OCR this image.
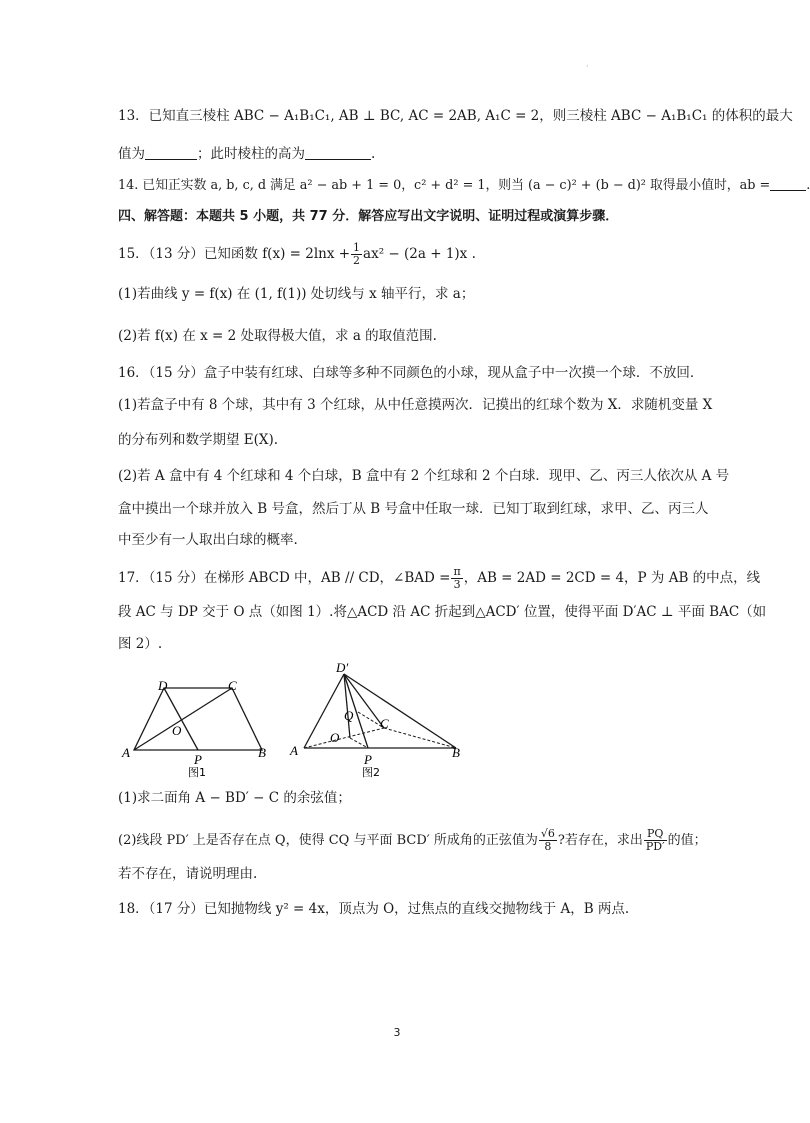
·
13．已知直三棱柱 ABC − A₁B₁C₁, AB ⊥ BC, AC = 2AB, A₁C = 2，则三棱柱 ABC − A₁B₁C₁ 的体积的最大
值为	；此时棱柱的高为	.
14. 已知正实数 a, b, c, d 满足 a² − ab + 1 = 0，c² + d² = 1，则当 (a − c)² + (b − d)² 取得最小值时，ab =	.
四、解答题：本题共 5 小题，共 77 分．解答应写出文字说明、证明过程或演算步骤．
15．（13 分）已知函数 $f(x) = 2\ln x + \frac{1}{2} ax^2 - (2a + 1)x$ .
(1)若曲线 y = f(x) 在 (1, f(1)) 处切线与 x 轴平行，求 a；
(2)若 f(x) 在 x = 2 处取得极大值，求 a 的取值范围.
16．（15 分）盒子中装有红球、白球等多种不同颜色的小球，现从盒子中一次摸一个球．不放回．
(1)若盒子中有 8 个球，其中有 3 个红球，从中任意摸两次．记摸出的红球个数为 X．求随机变量 X
的分布列和数学期望 E(X).
(2)若 A 盒中有 4 个红球和 4 个白球，B 盒中有 2 个红球和 2 个白球．现甲、乙、丙三人依次从 A 号
盒中摸出一个球并放入 B 号盒，然后丁从 B 号盒中任取一球．已知丁取到红球，求甲、乙、丙三人
中至少有一人取出白球的概率.
17．（15 分）在梯形 ABCD 中，AB // CD，∠BAD = $\frac{\pi}{3}$ ，AB = 2AD = 2CD = 4，P 为 AB 的中点，线
段 AC 与 DP 交于 O 点（如图 1）.将△ACD 沿 AC 折起到△ACD′ 位置，使得平面 D′AC ⊥ 平面 BAC（如
图 2）.
A	B
C
D
O
P
图1
D′
A	B
C
O
P
Q
图2
(1)求二面角 A − BD′ − C 的余弦值；
(2)线段 PD′ 上是否存在点 Q，使得 CQ 与平面 BCD′ 所成角的正弦值为 $\frac{√6}{8}$ ?若存在，求出 $\frac{PQ}{PD'}$ 的值；
若不存在，请说明理由.
18．（17 分）已知抛物线 y² = 4x，顶点为 O，过焦点的直线交抛物线于 A，B 两点.
3
